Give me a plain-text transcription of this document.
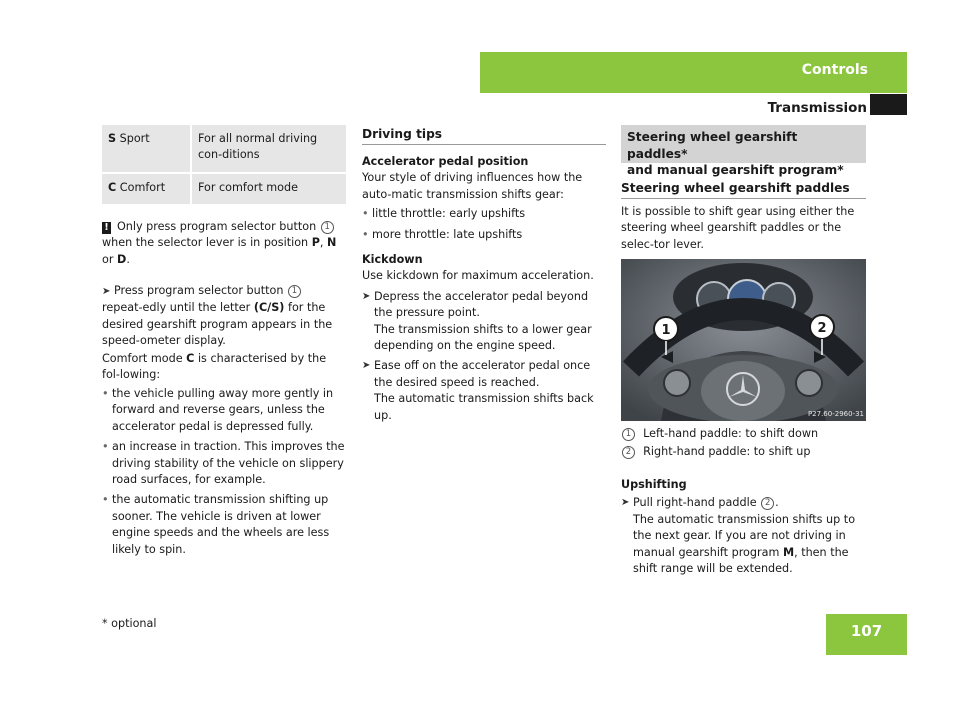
Controls
Transmission
S Sport	For all normal driving con-ditions
C Comfort	For comfort mode
! Only press program selector button 1 when the selector lever is in position P, N or D.
➤ Press program selector button 1 repeat-edly until the letter (C/S) for the desired gearshift program appears in the speed-ometer display.
Comfort mode C is characterised by the fol-lowing:
• the vehicle pulling away more gently in forward and reverse gears, unless the accelerator pedal is depressed fully.
• an increase in traction. This improves the driving stability of the vehicle on slippery road surfaces, for example.
• the automatic transmission shifting up sooner. The vehicle is driven at lower engine speeds and the wheels are less likely to spin.
Driving tips
Accelerator pedal position
Your style of driving influences how the auto-matic transmission shifts gear:
• little throttle: early upshifts
• more throttle: late upshifts
Kickdown
Use kickdown for maximum acceleration.
➤ Depress the accelerator pedal beyond the pressure point.
The transmission shifts to a lower gear depending on the engine speed.
➤ Ease off on the accelerator pedal once the desired speed is reached.
The automatic transmission shifts back up.
Steering wheel gearshift paddles*
and manual gearshift program*
Steering wheel gearshift paddles
It is possible to shift gear using either the steering wheel gearshift paddles or the selec-tor lever.
1	2
P27.60-2960-31
1 Left-hand paddle: to shift down
2 Right-hand paddle: to shift up
Upshifting
➤ Pull right-hand paddle 2 .
The automatic transmission shifts up to the next gear. If you are not driving in manual gearshift program M, then the shift range will be extended.
* optional	107
